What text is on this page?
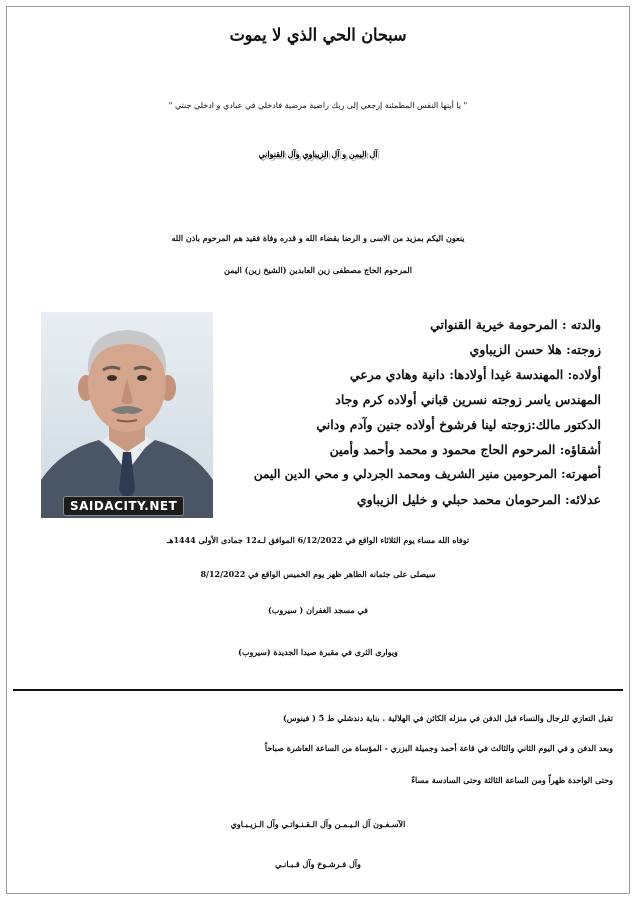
سبحان الحي الذي لا يموت
" يا أيتها النفس المطمئنة إرجعي إلى ربك راضية مرضية فادخلي في عبادي و ادخلي جنتي "
آل اليمن و آل الزيباوي وآل القنواني
ينعون اليكم بمزيد من الاسى و الرضا بقضاء الله و قدره وفاة فقيد هم المرحوم باذن الله
المرحوم الحاج مصطفى زين العابدين (الشيخ زين) اليمن
والدته : المرحومة خيرية القنواتي
زوجته: هلا حسن الزيباوي
أولاده: المهندسة غيدا أولادها: دانية وهادي مرعي
المهندس ياسر زوجته نسرين قباني أولاده كرم وجاد
الدكتور مالك:زوجته لينا فرشوخ أولاده جنين وآدم وداني
أشقاؤه: المرحوم الحاج محمود و محمد وأحمد وأمين
أصهرته: المرحومين منير الشريف ومحمد الجردلي و محي الدين اليمن
عدلائه: المرحومان محمد حبلي و خليل الزيباوي
SAIDACITY.NET
توفاه الله مساء يوم الثلاثاء الواقع في 6/12/2022 الموافق لـه12 جمادى الأولى 1444هـ
سيصلى على جثمانه الطاهر ظهر يوم الخميس الواقع في 8/12/2022
في مسجد الغفران ( سيروب)
ويوارى الثرى في مقبرة صيدا الجديدة (سيروب)
تقبل التعازي للرجال والنساء قبل الدفن في منزله الكائن في الهلالية . بناية دندشلي ط 5 ( فينوس)
وبعد الدفن و في اليوم الثاني والثالث في قاعة أحمد وجميلة البزري - المؤساة من الساعة العاشرة صباحاً
وحتى الواحدة ظهراً ومن الساعة الثالثة وحتى السادسة مساءً
الآسـفـون آل الـيـمـن وآل الـقـنـواتـي وآل الـزيـبـاوي
وآل فـرشـوخ وآل قـبـانـي
